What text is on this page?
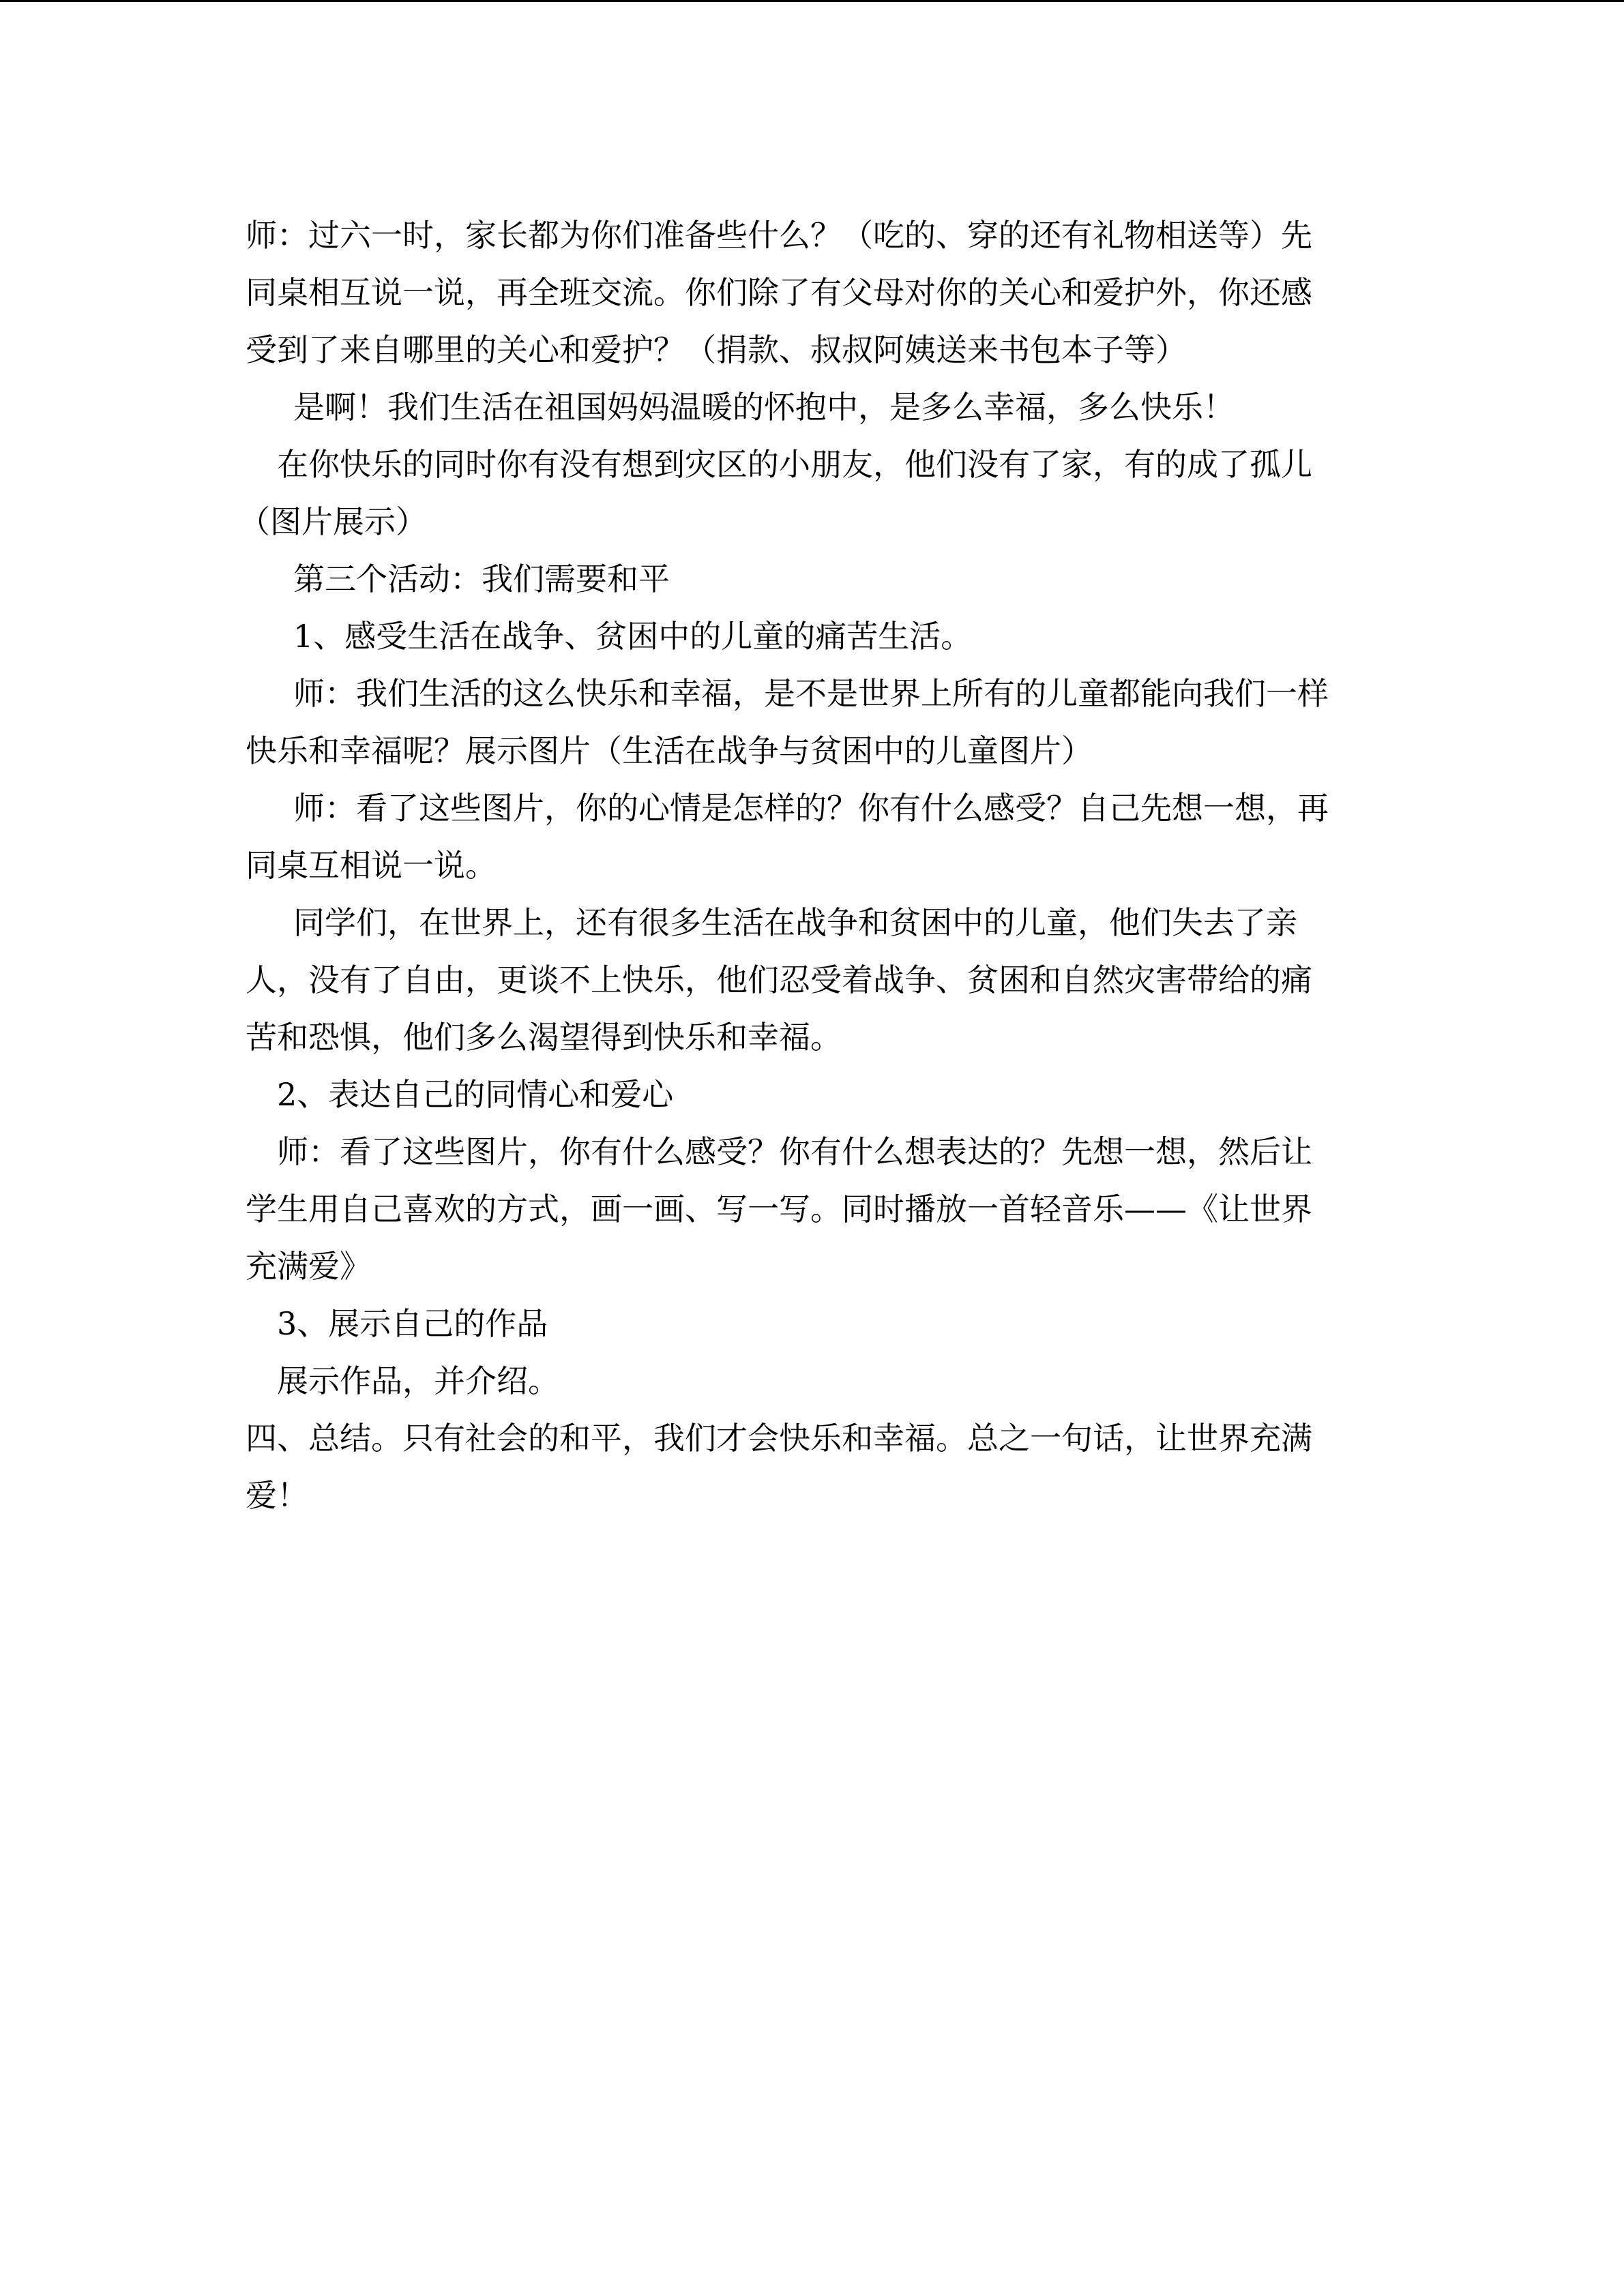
师：过六一时，家长都为你们准备些什么？（吃的、穿的还有礼物相送等）先
同桌相互说一说，再全班交流。你们除了有父母对你的关心和爱护外，你还感
受到了来自哪里的关心和爱护？（捐款、叔叔阿姨送来书包本子等）

是啊！我们生活在祖国妈妈温暖的怀抱中，是多么幸福，多么快乐！

在你快乐的同时你有没有想到灾区的小朋友，他们没有了家，有的成了孤儿
（图片展示）

第三个活动：我们需要和平

1、感受生活在战争、贫困中的儿童的痛苦生活。

师：我们生活的这么快乐和幸福，是不是世界上所有的儿童都能向我们一样
快乐和幸福呢？展示图片（生活在战争与贫困中的儿童图片）

师：看了这些图片，你的心情是怎样的？你有什么感受？自己先想一想，再
同桌互相说一说。

同学们，在世界上，还有很多生活在战争和贫困中的儿童，他们失去了亲
人，没有了自由，更谈不上快乐，他们忍受着战争、贫困和自然灾害带给的痛
苦和恐惧，他们多么渴望得到快乐和幸福。

2、表达自己的同情心和爱心

师：看了这些图片，你有什么感受？你有什么想表达的？先想一想，然后让
学生用自己喜欢的方式，画一画、写一写。同时播放一首轻音乐——《让世界
充满爱》

3、展示自己的作品

展示作品，并介绍。

四、总结。只有社会的和平，我们才会快乐和幸福。总之一句话，让世界充满
爱！
